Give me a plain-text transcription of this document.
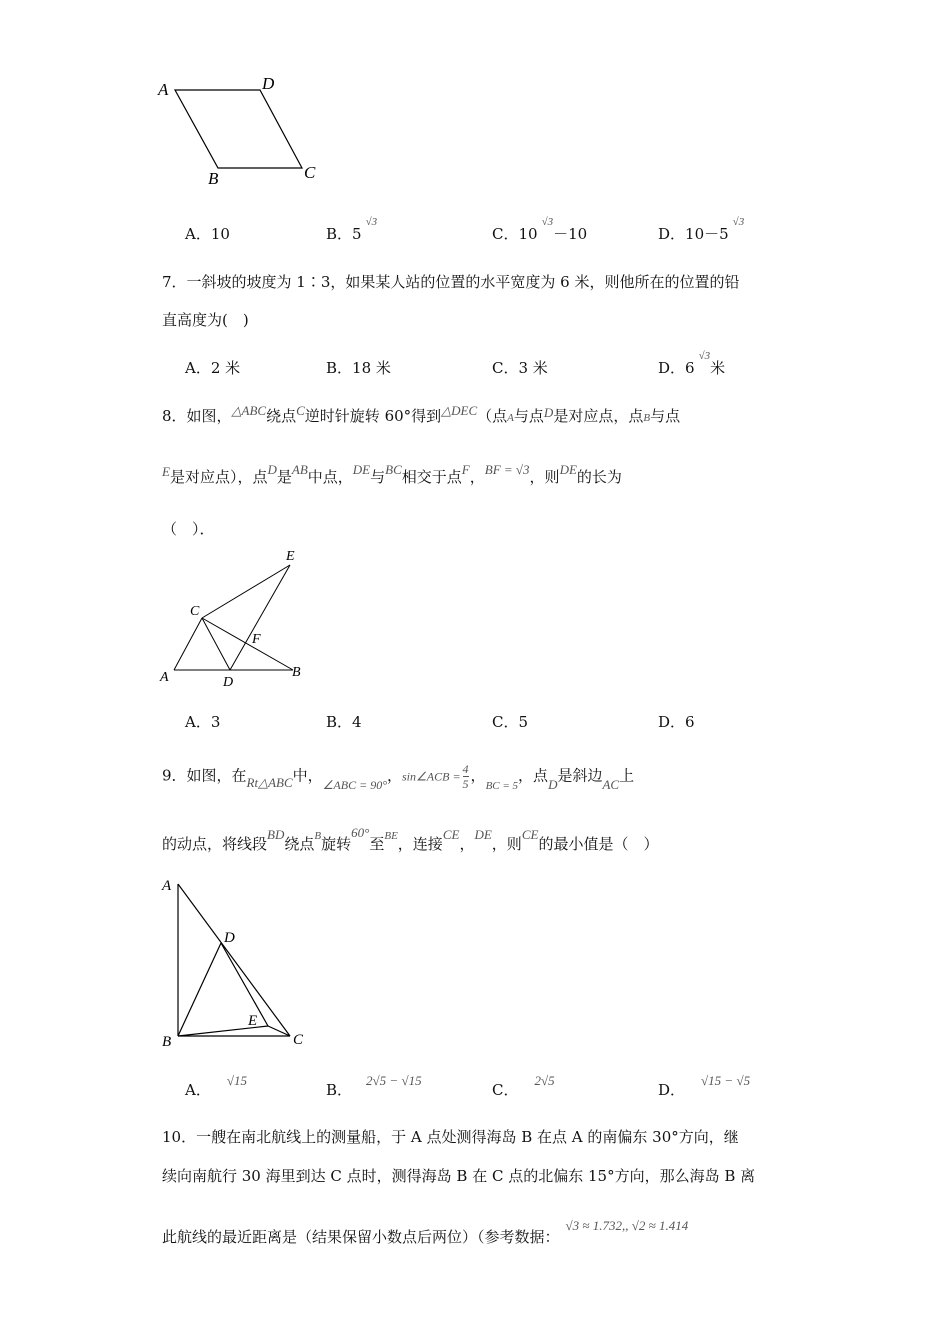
A	D
B	C
A．10	B．$5^{√3}$
C．$10^{√3}-10$	D．$10-5^{√3}$
7．一斜坡的坡度为 1∶3，如果某人站的位置的水平宽度为 6 米，则他所在的位置的铅
直高度为(　)
A．2 米	B．18 米	C．3 米	D．$6^{√3}$米
8．如图，△ABC绕点C逆时针旋转 60°得到△DEC（点A与点D是对应点，点B与点
E是对应点），点D是AB中点，DE与BC相交于点F，BF = √3，则DE的长为
（　）．
E
C
F
A	D
B
A．3	B．4	C．5	D．6
9．如图，在Rt△ABC中，$_{\angle ABC = 90^\circ}$，sin∠ACB = $\frac{4}{5}$ ，$_{BC = 5}$，点D是斜边AC上
的动点，将线段BD绕点$^B$旋转60°至$^{BE}$，连接CE，DE，则CE的最小值是（　）
A
D
E
B	C
A．√15
B．2√5 − √15
C．2√5
D．√15 − √5
10．一艘在南北航线上的测量船，于 A 点处测得海岛 B 在点 A 的南偏东 30°方向，继
续向南航行 30 海里到达 C 点时，测得海岛 B 在 C 点的北偏东 15°方向，那么海岛 B 离
此航线的最近距离是（结果保留小数点后两位）（参考数据：√3 ≈ 1.732,, √2 ≈ 1.414
